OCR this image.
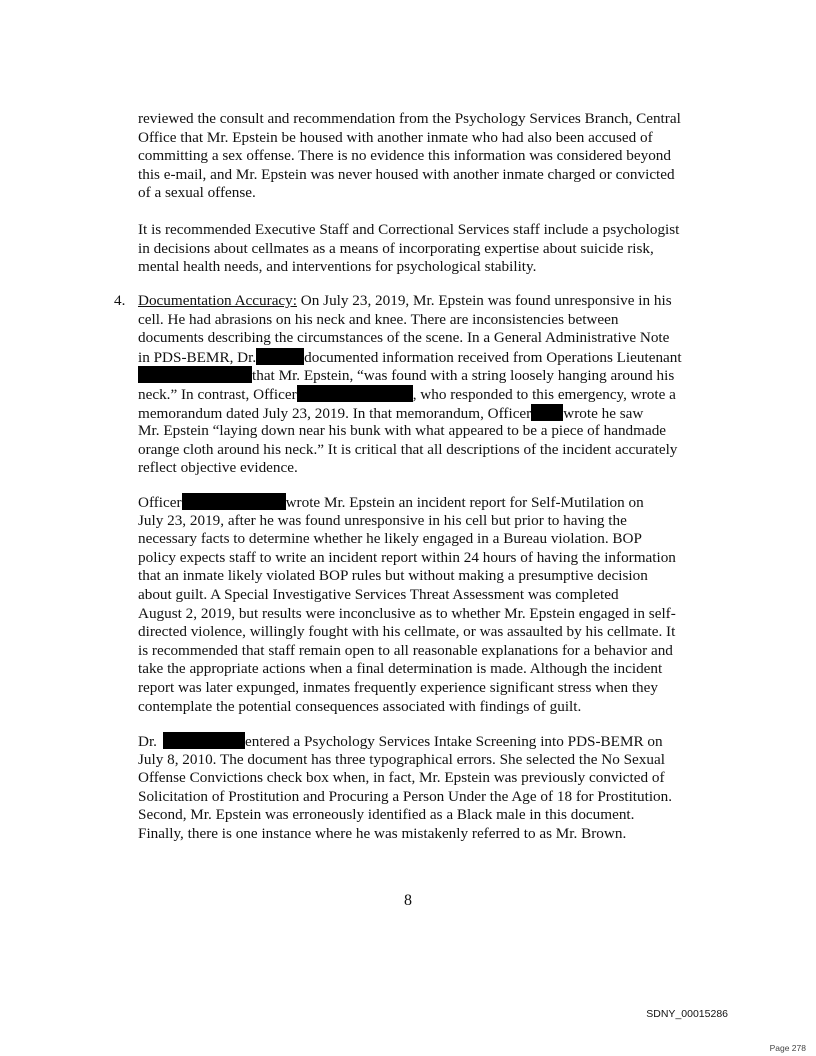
reviewed the consult and recommendation from the Psychology Services Branch, Central
Office that Mr. Epstein be housed with another inmate who had also been accused of
committing a sex offense. There is no evidence this information was considered beyond
this e-mail, and Mr. Epstein was never housed with another inmate charged or convicted
of a sexual offense.
It is recommended Executive Staff and Correctional Services staff include a psychologist
in decisions about cellmates as a means of incorporating expertise about suicide risk,
mental health needs, and interventions for psychological stability.
4. Documentation Accuracy: On July 23, 2019, Mr. Epstein was found unresponsive in his
cell. He had abrasions on his neck and knee. There are inconsistencies between
documents describing the circumstances of the scene. In a General Administrative Note
in PDS-BEMR, Dr.	documented information received from Operations Lieutenant
that Mr. Epstein, “was found with a string loosely hanging around his
neck.” In contrast, Officer	, who responded to this emergency, wrote a
memorandum dated July 23, 2019. In that memorandum, Officer wrote he saw
Mr. Epstein “laying down near his bunk with what appeared to be a piece of handmade
orange cloth around his neck.” It is critical that all descriptions of the incident accurately
reflect objective evidence.
Officer	wrote Mr. Epstein an incident report for Self-Mutilation on
July 23, 2019, after he was found unresponsive in his cell but prior to having the
necessary facts to determine whether he likely engaged in a Bureau violation. BOP
policy expects staff to write an incident report within 24 hours of having the information
that an inmate likely violated BOP rules but without making a presumptive decision
about guilt. A Special Investigative Services Threat Assessment was completed
August 2, 2019, but results were inconclusive as to whether Mr. Epstein engaged in self-
directed violence, willingly fought with his cellmate, or was assaulted by his cellmate. It
is recommended that staff remain open to all reasonable explanations for a behavior and
take the appropriate actions when a final determination is made. Although the incident
report was later expunged, inmates frequently experience significant stress when they
contemplate the potential consequences associated with findings of guilt.
Dr.	entered a Psychology Services Intake Screening into PDS-BEMR on
July 8, 2010. The document has three typographical errors. She selected the No Sexual
Offense Convictions check box when, in fact, Mr. Epstein was previously convicted of
Solicitation of Prostitution and Procuring a Person Under the Age of 18 for Prostitution.
Second, Mr. Epstein was erroneously identified as a Black male in this document.
Finally, there is one instance where he was mistakenly referred to as Mr. Brown.
8
SDNY_00015286
Page 278
